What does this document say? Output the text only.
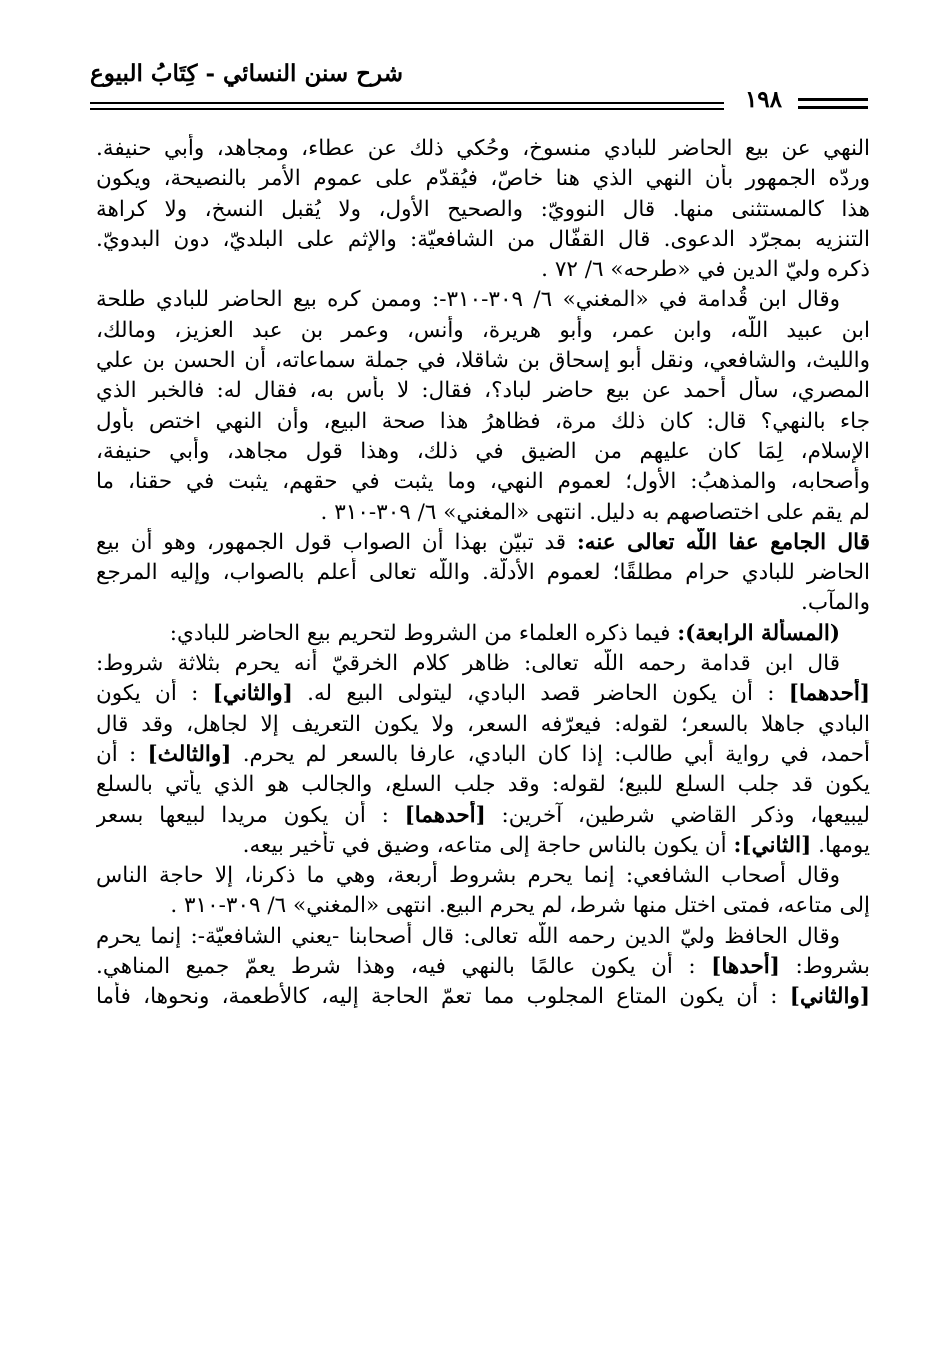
شرح سنن النسائي - كِتَابُ البيوع
١٩٨
النهي عن بيع الحاضر للبادي منسوخ، وحُكي ذلك عن عطاء، ومجاهد، وأبي حنيفة.
وردّه الجمهور بأن النهي الذي هنا خاصّ، فيُقدّم على عموم الأمر بالنصيحة، ويكون
هذا كالمستثنى منها. قال النوويّ: والصحيح الأول، ولا يُقبل النسخ، ولا كراهة
التنزيه بمجرّد الدعوى. قال القفّال من الشافعيّة: والإثم على البلديّ، دون البدويّ.
ذكره وليّ الدين في «طرحه» ٦/ ٧٢ .
وقال ابن قُدامة في «المغني» ٦/ ٣٠٩-٣١٠-: وممن كره بيع الحاضر للبادي طلحة
ابن عبيد اللَّه، وابن عمر، وأبو هريرة، وأنس، وعمر بن عبد العزيز، ومالك،
والليث، والشافعي، ونقل أبو إسحاق بن شاقلا، في جملة سماعاته، أن الحسن بن علي
المصري، سأل أحمد عن بيع حاضر لباد؟، فقال: لا بأس به، فقال له: فالخبر الذي
جاء بالنهي؟ قال: كان ذلك مرة، فظاهرُ هذا صحة البيع، وأن النهي اختص بأول
الإسلام، لِمَا كان عليهم من الضيق في ذلك، وهذا قول مجاهد، وأبي حنيفة،
وأصحابه، والمذهبُ: الأول؛ لعموم النهي، وما يثبت في حقهم، يثبت في حقنا، ما
لم يقم على اختصاصهم به دليل. انتهى «المغني» ٦/ ٣٠٩-٣١٠ .
قال الجامع عفا اللَّه تعالى عنه: قد تبيّن بهذا أن الصواب قول الجمهور، وهو أن بيع
الحاضر للبادي حرام مطلقًا؛ لعموم الأدلّة. واللَّه تعالى أعلم بالصواب، وإليه المرجع
والمآب.
(المسألة الرابعة): فيما ذكره العلماء من الشروط لتحريم بيع الحاضر للبادي:
قال ابن قدامة رحمه اللَّه تعالى: ظاهر كلام الخرقيّ أنه يحرم بثلاثة شروط:
[أحدهما] : أن يكون الحاضر قصد البادي، ليتولى البيع له. [والثاني] : أن يكون
البادي جاهلا بالسعر؛ لقوله: فيعرّفه السعر، ولا يكون التعريف إلا لجاهل، وقد قال
أحمد، في رواية أبي طالب: إذا كان البادي، عارفا بالسعر لم يحرم. [والثالث] : أن
يكون قد جلب السلع للبيع؛ لقوله: وقد جلب السلع، والجالب هو الذي يأتي بالسلع
ليبيعها، وذكر القاضي شرطين، آخرين: [أحدهما] : أن يكون مريدا لبيعها بسعر
يومها. [الثاني]: أن يكون بالناس حاجة إلى متاعه، وضيق في تأخير بيعه.
وقال أصحاب الشافعي: إنما يحرم بشروط أربعة، وهي ما ذكرنا، إلا حاجة الناس
إلى متاعه، فمتى اختل منها شرط، لم يحرم البيع. انتهى «المغني» ٦/ ٣٠٩-٣١٠ .
وقال الحافظ وليّ الدين رحمه اللَّه تعالى: قال أصحابنا -يعني الشافعيّة-: إنما يحرم
بشروط: [أحدها] : أن يكون عالمًا بالنهي فيه، وهذا شرط يعمّ جميع المناهي.
[والثاني] : أن يكون المتاع المجلوب مما تعمّ الحاجة إليه، كالأطعمة، ونحوها، فأما
